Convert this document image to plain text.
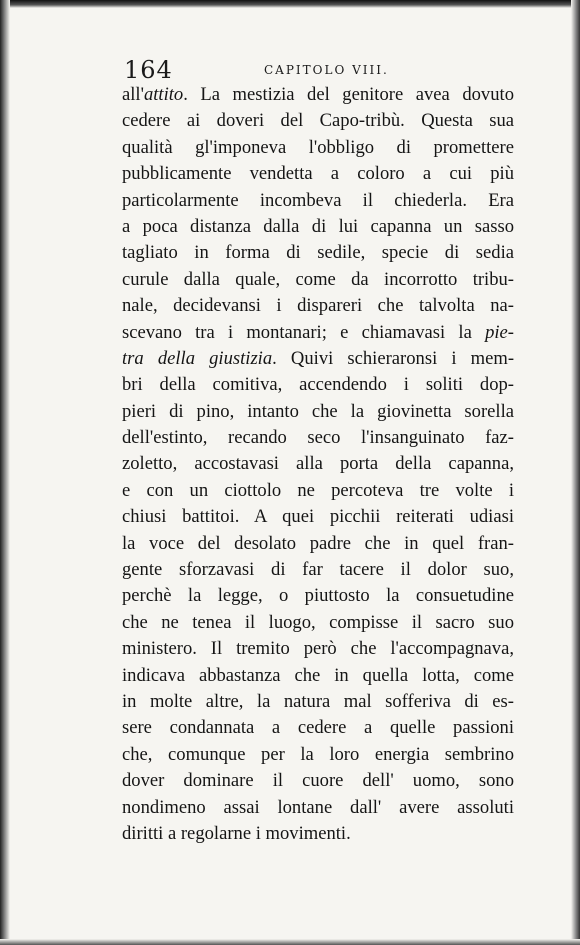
164	CAPITOLO VIII.
all'attito. La mestizia del genitore avea dovuto
cedere ai doveri del Capo-tribù. Questa sua
qualità gl'imponeva l'obbligo di promettere
pubblicamente vendetta a coloro a cui più
particolarmente incombeva il chiederla. Era
a poca distanza dalla di lui capanna un sasso
tagliato in forma di sedile, specie di sedia
curule dalla quale, come da incorrotto tribu-
nale, decidevansi i dispareri che talvolta na-
scevano tra i montanari; e chiamavasi la pie-
tra della giustizia. Quivi schieraronsi i mem-
bri della comitiva, accendendo i soliti dop-
pieri di pino, intanto che la giovinetta sorella
dell'estinto, recando seco l'insanguinato faz-
zoletto, accostavasi alla porta della capanna,
e con un ciottolo ne percoteva tre volte i
chiusi battitoi. A quei picchii reiterati udiasi
la voce del desolato padre che in quel fran-
gente sforzavasi di far tacere il dolor suo,
perchè la legge, o piuttosto la consuetudine
che ne tenea il luogo, compisse il sacro suo
ministero. Il tremito però che l'accompagnava,
indicava abbastanza che in quella lotta, come
in molte altre, la natura mal sofferiva di es-
sere condannata a cedere a quelle passioni
che, comunque per la loro energia sembrino
dover dominare il cuore dell' uomo, sono
nondimeno assai lontane dall' avere assoluti
diritti a regolarne i movimenti.
